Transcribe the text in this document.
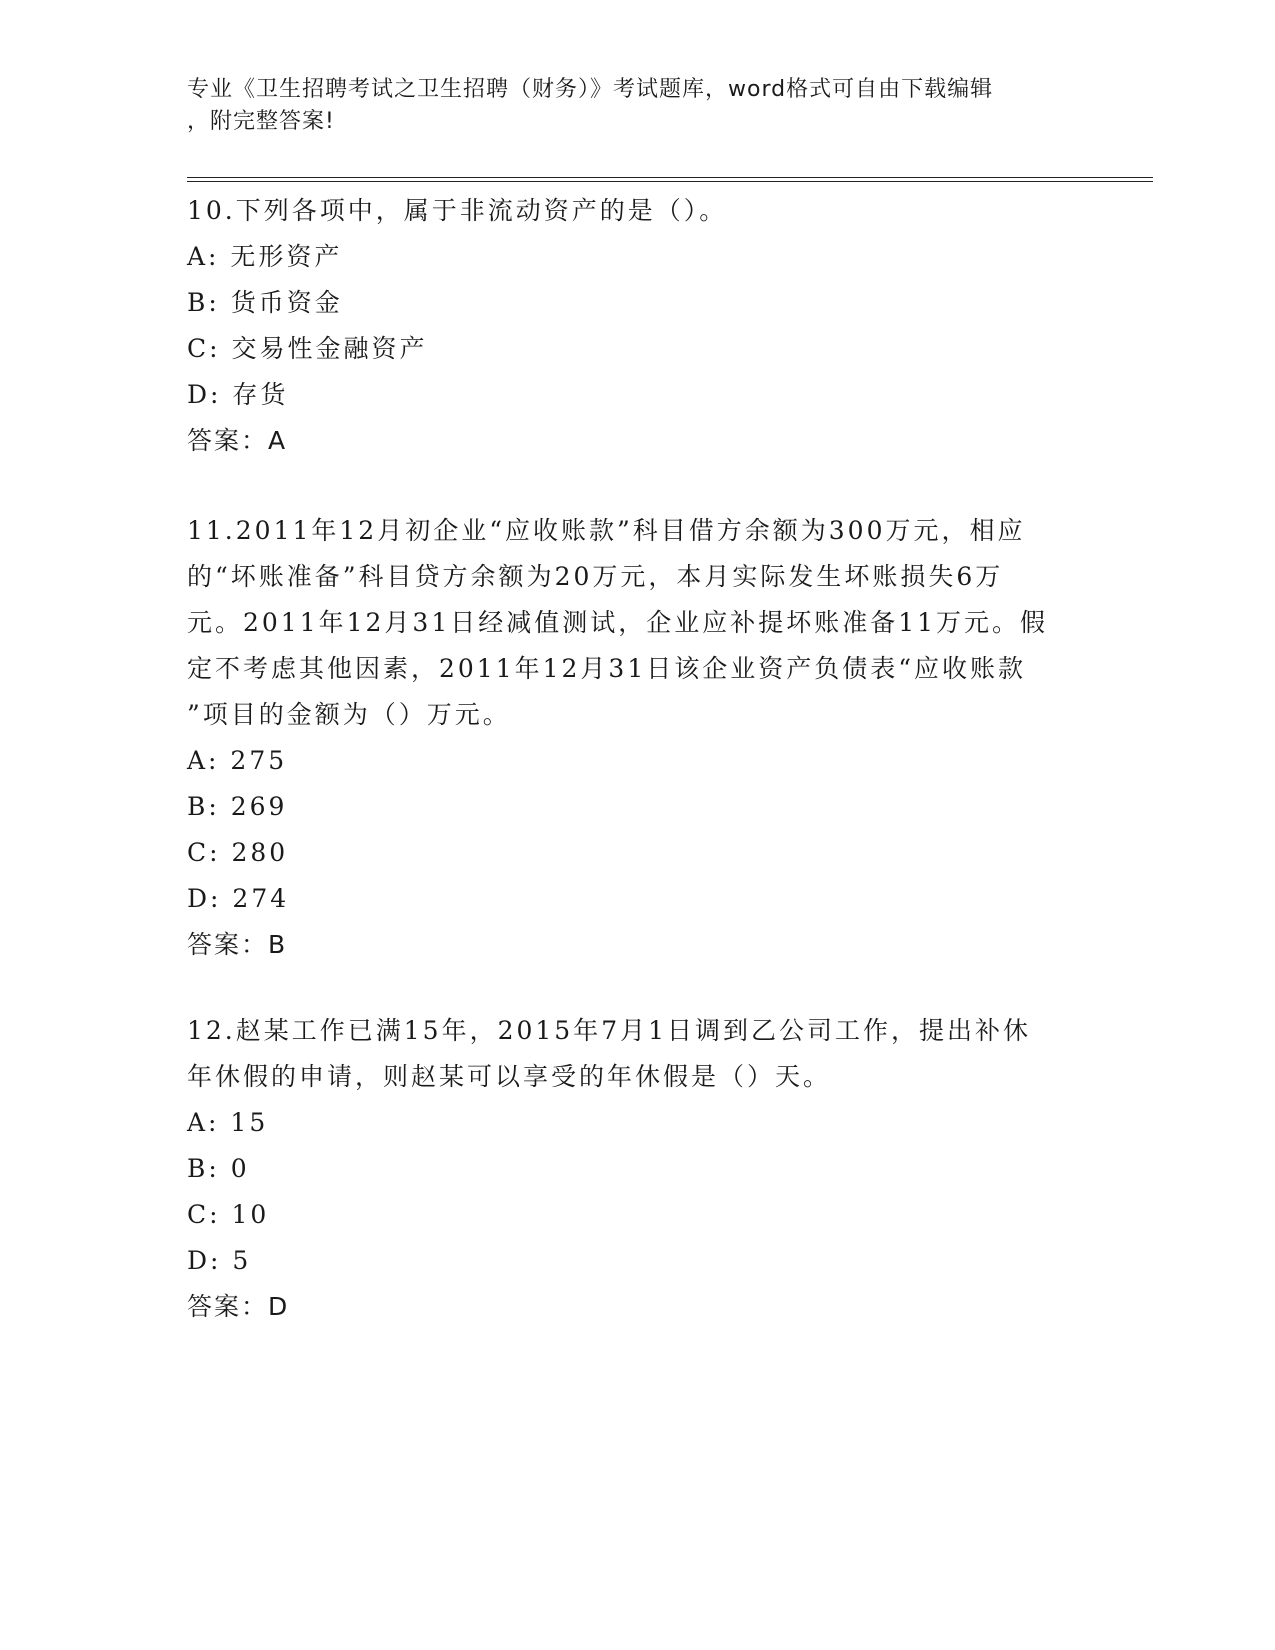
专业《卫生招聘考试之卫生招聘（财务）》考试题库，word格式可自由下载编辑
，附完整答案!

10.下列各项中，属于非流动资产的是（）。

A: 无形资产

B: 货币资金

C: 交易性金融资产

D: 存货

答案：A

11.2011年12月初企业“应收账款”科目借方余额为300万元，相应

的“坏账准备”科目贷方余额为20万元，本月实际发生坏账损失6万

元。2011年12月31日经减值测试，企业应补提坏账准备11万元。假

定不考虑其他因素，2011年12月31日该企业资产负债表“应收账款

”项目的金额为（）万元。

A: 275

B: 269

C: 280

D: 274

答案：B

12.赵某工作已满15年，2015年7月1日调到乙公司工作，提出补休

年休假的申请，则赵某可以享受的年休假是（）天。

A: 15

B: 0

C: 10

D: 5

答案：D
